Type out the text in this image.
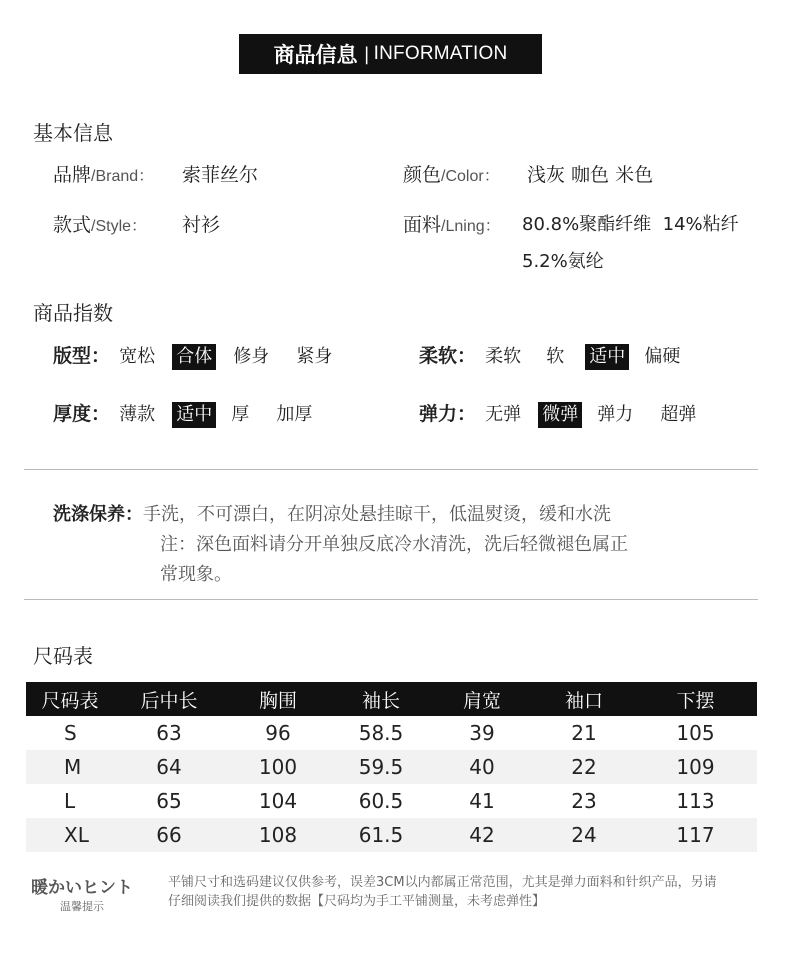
商品信息 | INFORMATION
基本信息
品牌/Brand： 索菲丝尔	颜色/Color： 浅灰 咖色 米色
款式/Style： 衬衫	面料/Lning： 80.8%聚酯纤维  14%粘纤
5.2%氨纶
商品指数
版型： 宽松 合体 修身 紧身	柔软： 柔软 软 适中 偏硬
厚度： 薄款 适中 厚 加厚	弹力： 无弹 微弹 弹力 超弹
洗涤保养：手洗，不可漂白，在阴凉处悬挂晾干，低温熨烫，缓和水洗
注：深色面料请分开单独反底冷水清洗，洗后轻微褪色属正
常现象。
尺码表
尺码表	后中长	胸围	袖长	肩宽	袖口	下摆
S	63	96	58.5	39	21	105
M	64	100	59.5	40	22	109
L	65	104	60.5	41	23	113
XL	66	108	61.5	42	24	117
暖かいヒント
温馨提示
平铺尺寸和选码建议仅供参考，误差3CM以内都属正常范围，尤其是弹力面料和针织产品，另请
仔细阅读我们提供的数据【尺码均为手工平铺测量，未考虑弹性】
